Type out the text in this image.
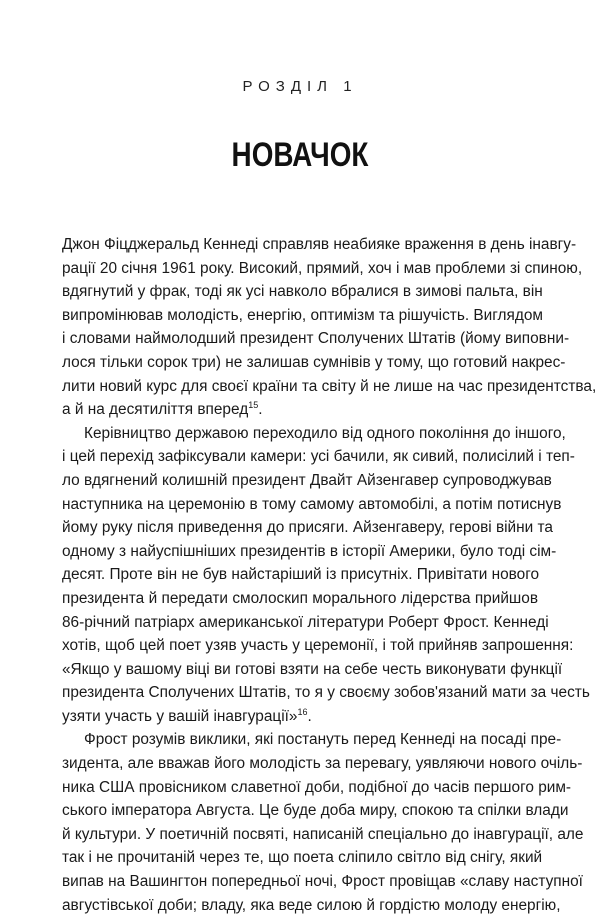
РОЗДІЛ 1
НОВАЧОК
Джон Фіцджеральд Кеннеді справляв неабияке враження в день інавгу-
рації 20 січня 1961 року. Високий, прямий, хоч і мав проблеми зі спиною,
вдягнутий у фрак, тоді як усі навколо вбралися в зимові пальта, він
випромінював молодість, енергію, оптимізм та рішучість. Виглядом
і словами наймолодший президент Сполучених Штатів (йому виповни-
лося тільки сорок три) не залишав сумнівів у тому, що готовий накрес-
лити новий курс для своєї країни та світу й не лише на час президентства,
а й на десятиліття вперед$^{15}$.
Керівництво державою переходило від одного покоління до іншого,
і цей перехід зафіксували камери: усі бачили, як сивий, полисілий і теп-
ло вдягнений колишній президент Двайт Айзенгавер супроводжував
наступника на церемонію в тому самому автомобілі, а потім потиснув
йому руку після приведення до присяги. Айзенгаверу, герові війни та
одному з найуспішніших президентів в історії Америки, було тоді сім-
десят. Проте він не був найстаріший із присутніх. Привітати нового
президента й передати смолоскип морального лідерства прийшов
86-річний патріарх американської літератури Роберт Фрост. Кеннеді
хотів, щоб цей поет узяв участь у церемонії, і той прийняв запрошення:
«Якщо у вашому віці ви готові взяти на себе честь виконувати функції
президента Сполучених Штатів, то я у своєму зобов'язаний мати за честь
узяти участь у вашій інавгурації»$^{16}$.
Фрост розумів виклики, які постануть перед Кеннеді на посаді пре-
зидента, але вважав його молодість за перевагу, уявляючи нового очіль-
ника США провісником славетної доби, подібної до часів першого рим-
ського імператора Августа. Це буде доба миру, спокою та спілки влади
й культури. У поетичній посвяті, написаній спеціально до інавгурації, але
так і не прочитаній через те, що поета сліпило світло від снігу, який
випав на Вашингтон попередньої ночі, Фрост провіщав «славу наступної
августівської доби; владу, яка веде силою й гордістю молоду енергію,
